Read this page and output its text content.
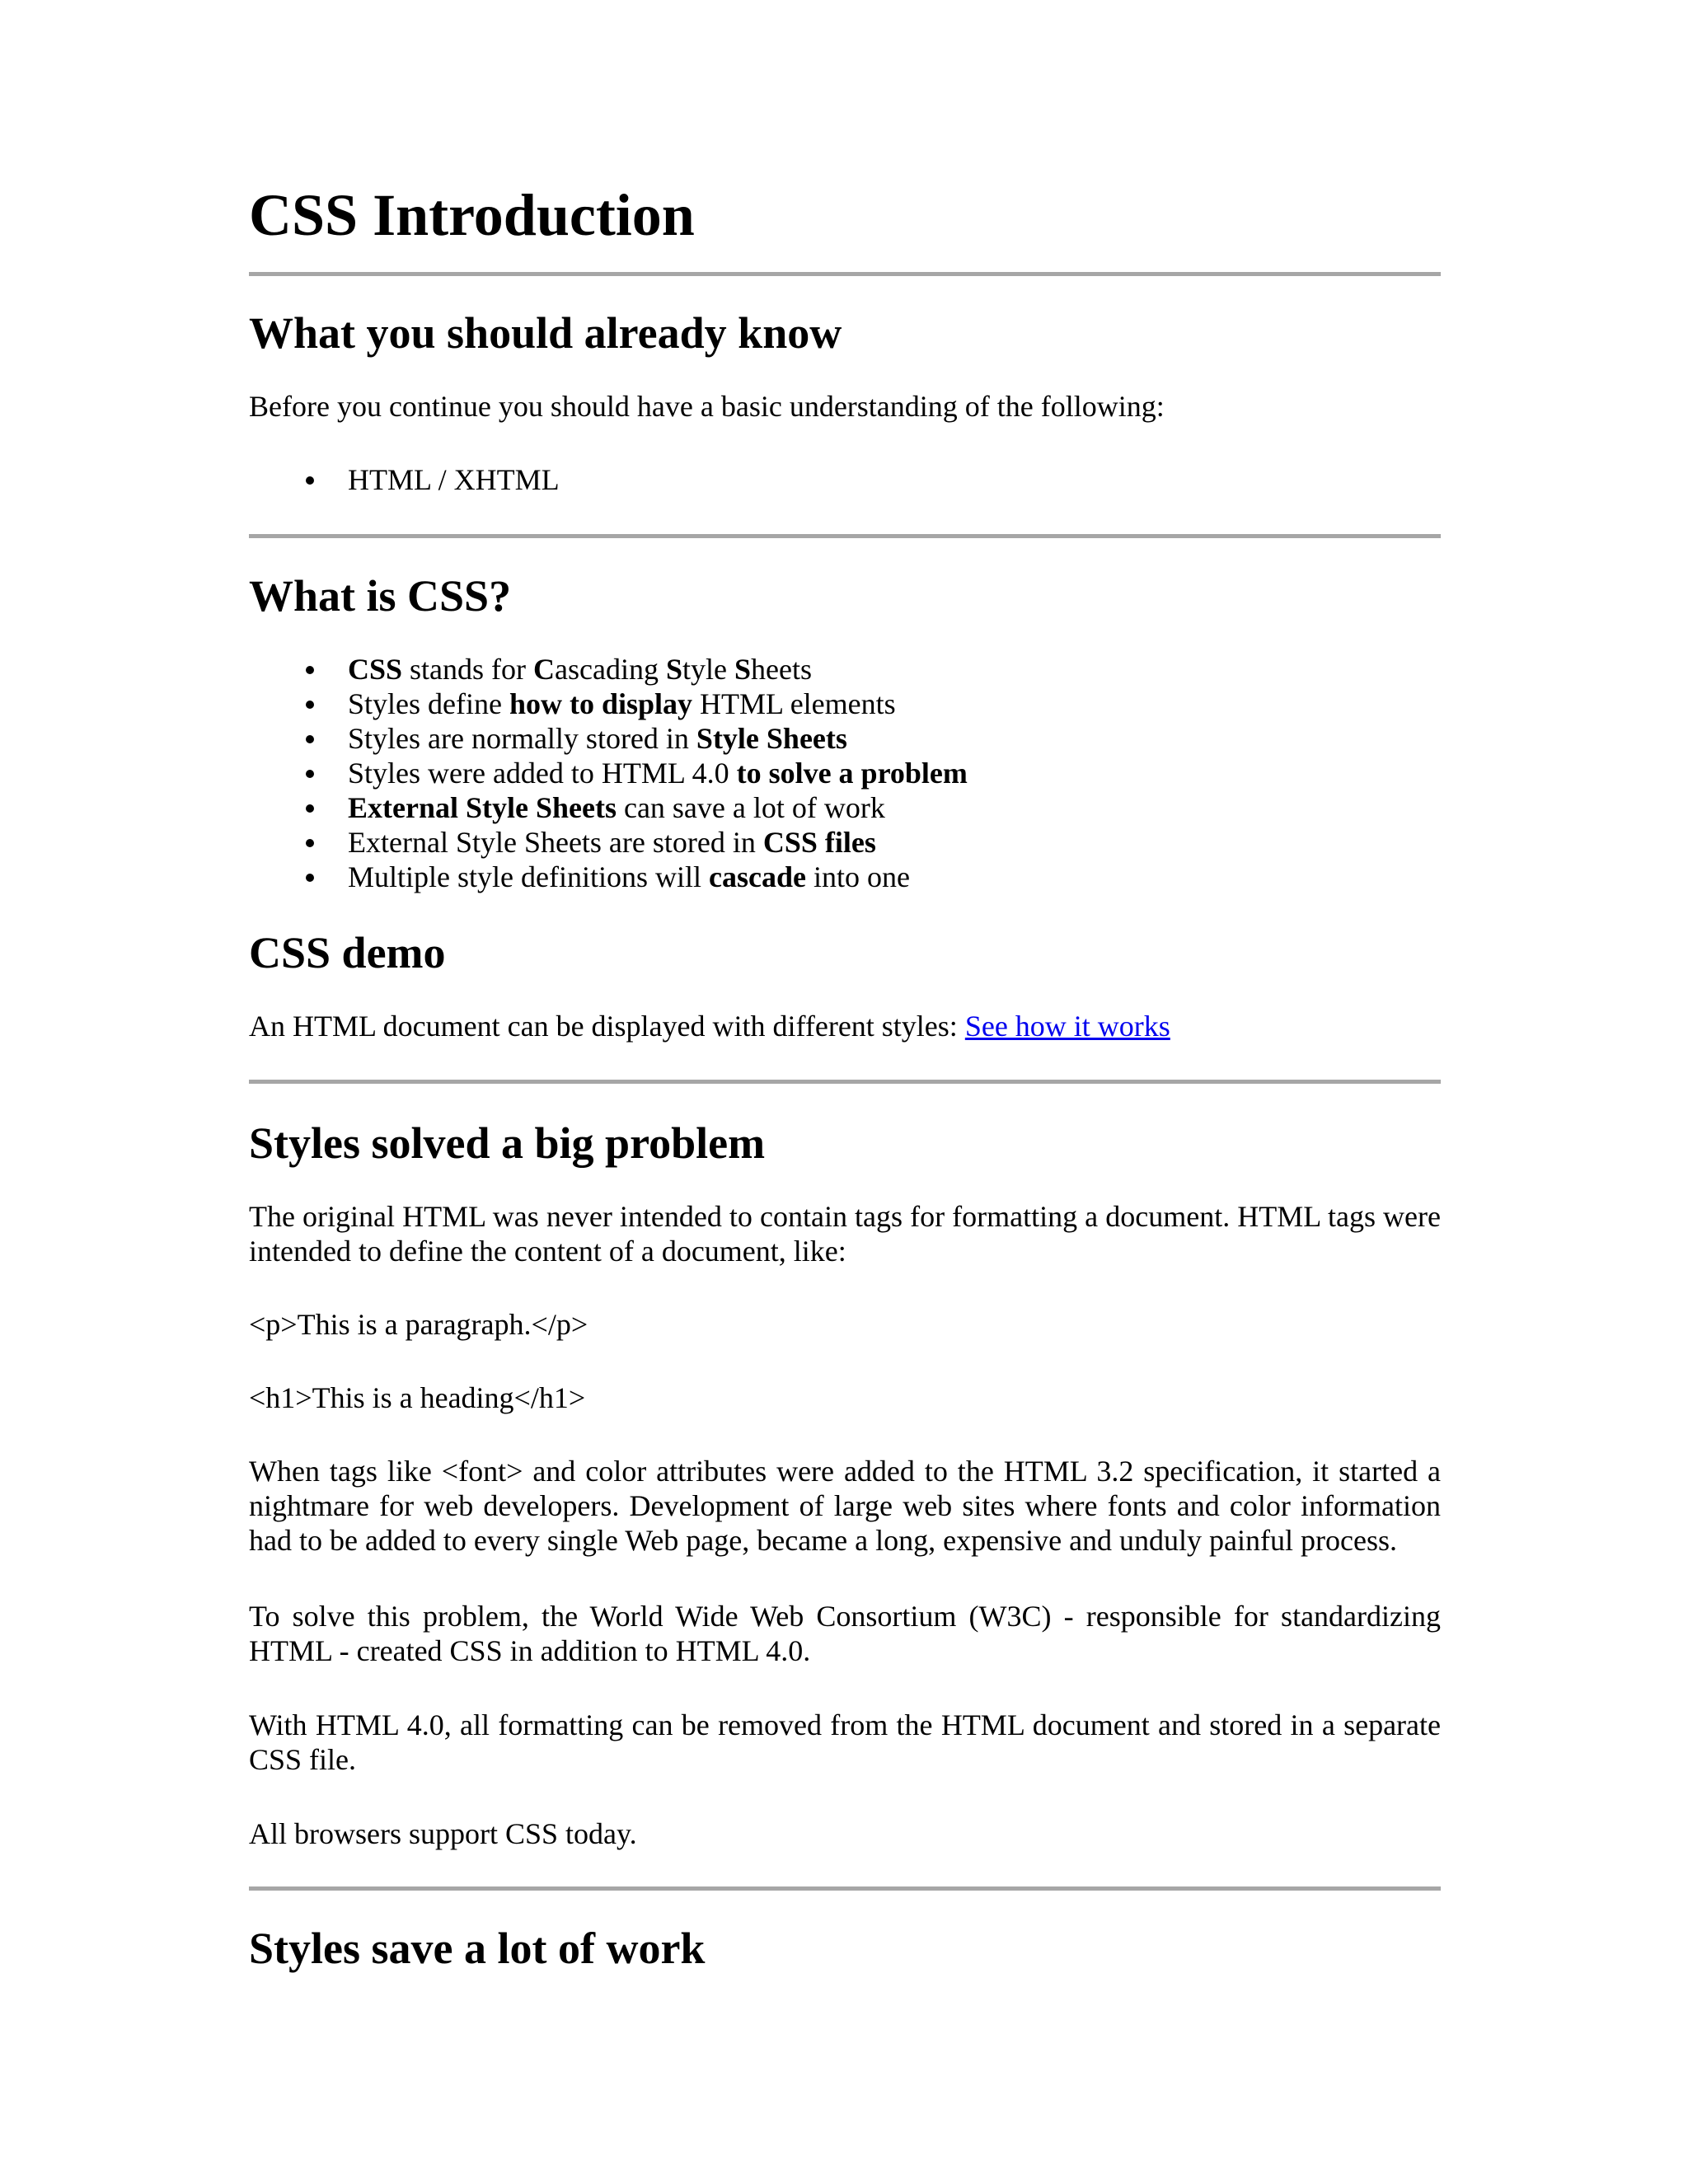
CSS Introduction
What you should already know

Before you continue you should have a basic understanding of the following:

HTML / XHTML
What is CSS?
CSS stands for Cascading Style Sheets
Styles define how to display HTML elements
Styles are normally stored in Style Sheets
Styles were added to HTML 4.0 to solve a problem
External Style Sheets can save a lot of work
External Style Sheets are stored in CSS files
Multiple style definitions will cascade into one
CSS demo

An HTML document can be displayed with different styles: See how it works

Styles solved a big problem

The original HTML was never intended to contain tags for formatting a document. HTML tags were intended to define the content of a document, like:

<p>This is a paragraph.</p>

<h1>This is a heading</h1>

When tags like <font> and color attributes were added to the HTML 3.2 specification, it started a nightmare for web developers. Development of large web sites where fonts and color information had to be added to every single Web page, became a long, expensive and unduly painful process.

To solve this problem, the World Wide Web Consortium (W3C) - responsible for standardizing HTML - created CSS in addition to HTML 4.0.

With HTML 4.0, all formatting can be removed from the HTML document and stored in a separate CSS file.

All browsers support CSS today.

Styles save a lot of work
